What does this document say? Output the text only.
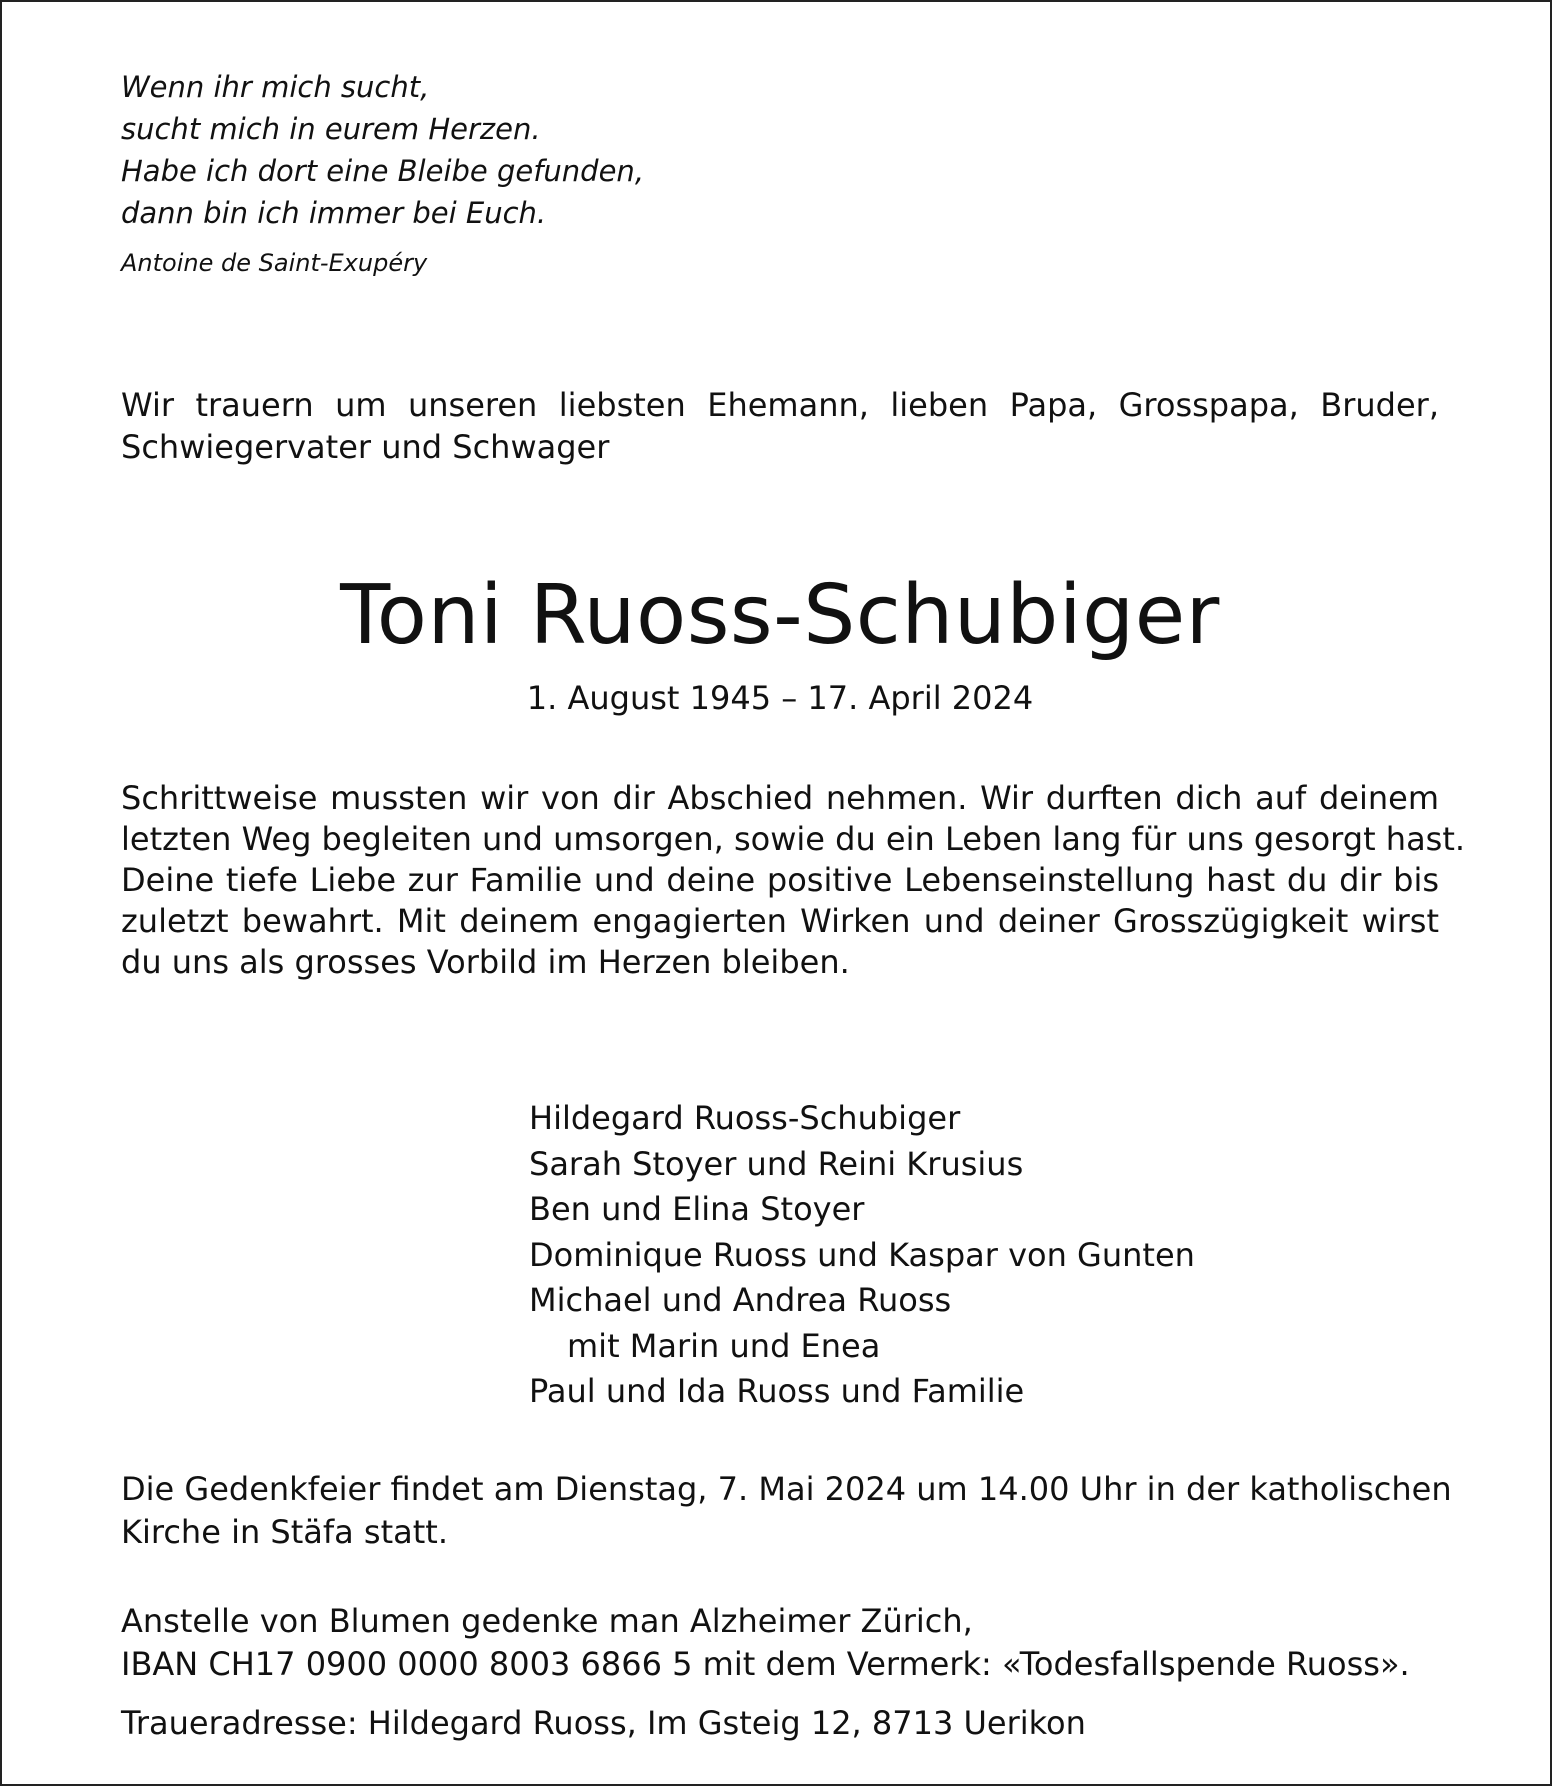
Wenn ihr mich sucht,
sucht mich in eurem Herzen.
Habe ich dort eine Bleibe gefunden,
dann bin ich immer bei Euch.

Antoine de Saint-Exupéry

Wir trauern um unseren liebsten Ehemann, lieben Papa, Grosspapa, Bruder,
Schwiegervater und Schwager

Toni Ruoss-Schubiger

1. August 1945 – 17. April 2024

Schrittweise mussten wir von dir Abschied nehmen. Wir durften dich auf deinem
letzten Weg begleiten und umsorgen, sowie du ein Leben lang für uns gesorgt hast.
Deine tiefe Liebe zur Familie und deine positive Lebenseinstellung hast du dir bis
zuletzt bewahrt. Mit deinem engagierten Wirken und deiner Grosszügigkeit wirst
du uns als grosses Vorbild im Herzen bleiben.

Hildegard Ruoss-Schubiger
Sarah Stoyer und Reini Krusius
Ben und Elina Stoyer
Dominique Ruoss und Kaspar von Gunten
Michael und Andrea Ruoss
mit Marin und Enea
Paul und Ida Ruoss und Familie

Die Gedenkfeier findet am Dienstag, 7. Mai 2024 um 14.00 Uhr in der katholischen
Kirche in Stäfa statt.

Anstelle von Blumen gedenke man Alzheimer Zürich,
IBAN CH17 0900 0000 8003 6866 5 mit dem Vermerk: «Todesfallspende Ruoss».

Traueradresse: Hildegard Ruoss, Im Gsteig 12, 8713 Uerikon
